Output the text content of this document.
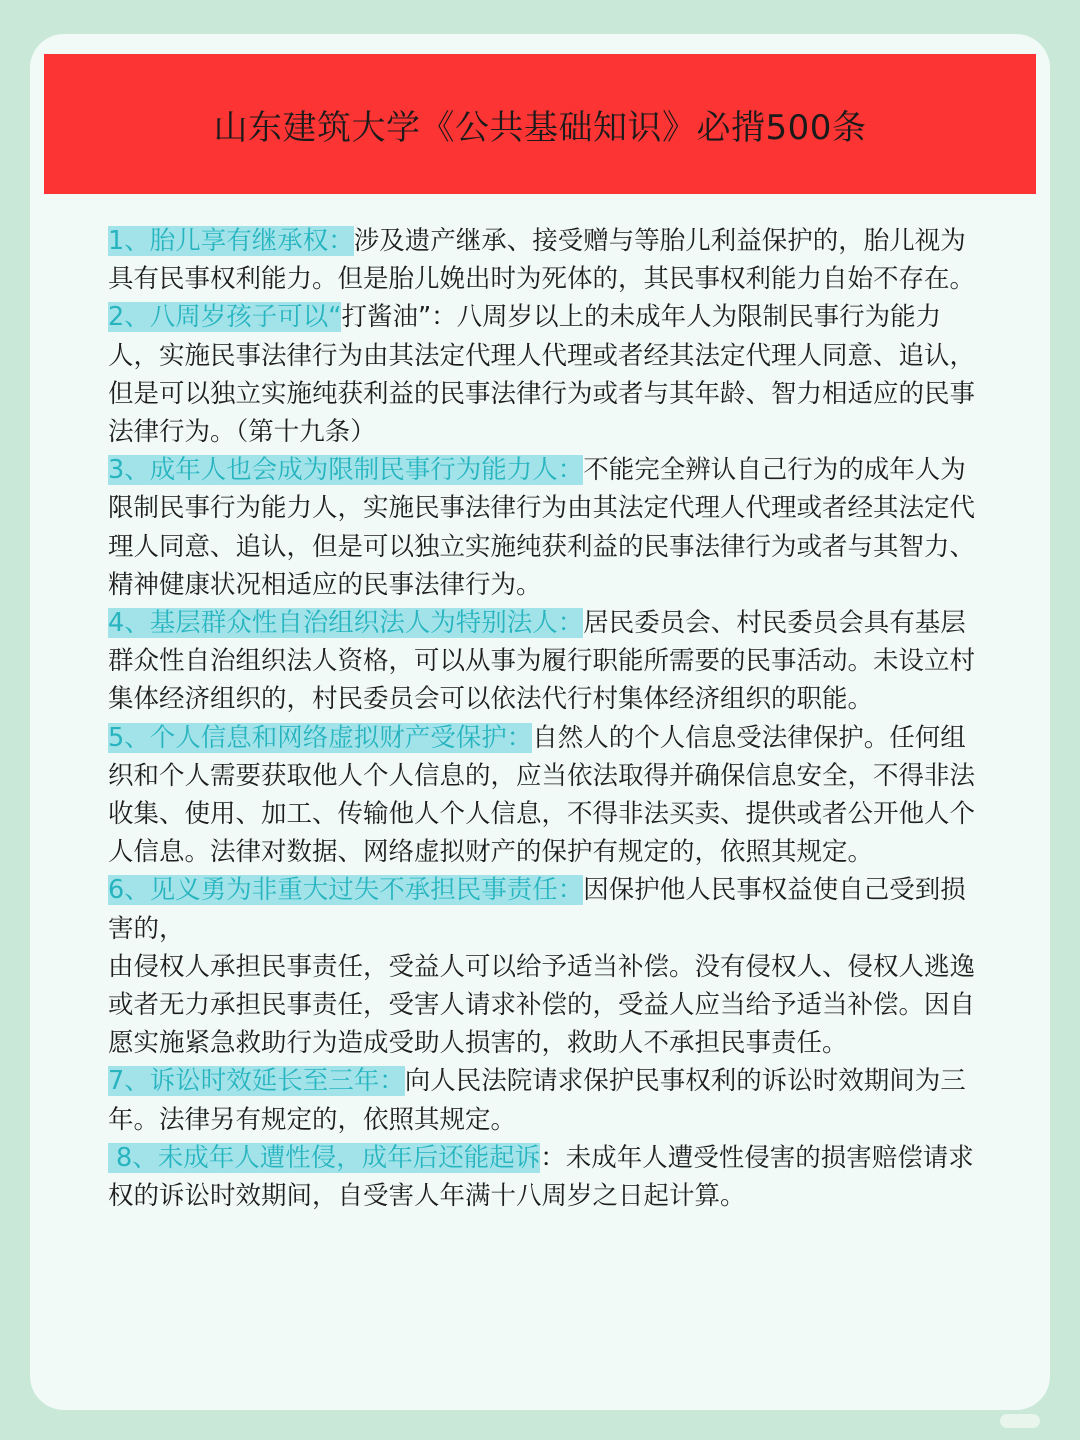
山东建筑大学《公共基础知识》必揹500条

1、胎儿享有继承权：涉及遗产继承、接受赠与等胎儿利益保护的，胎儿视为具有民事权利能力。但是胎儿娩出时为死体的，其民事权利能力自始不存在。

2、八周岁孩子可以“打酱油”：八周岁以上的未成年人为限制民事行为能力人，实施民事法律行为由其法定代理人代理或者经其法定代理人同意、追认，但是可以独立实施纯获利益的民事法律行为或者与其年龄、智力相适应的民事法律行为。（第十九条）

3、成年人也会成为限制民事行为能力人：不能完全辨认自己行为的成年人为限制民事行为能力人，实施民事法律行为由其法定代理人代理或者经其法定代理人同意、追认，但是可以独立实施纯获利益的民事法律行为或者与其智力、精神健康状况相适应的民事法律行为。

4、基层群众性自治组织法人为特别法人：居民委员会、村民委员会具有基层群众性自治组织法人资格，可以从事为履行职能所需要的民事活动。未设立村集体经济组织的，村民委员会可以依法代行村集体经济组织的职能。

5、个人信息和网络虚拟财产受保护：自然人的个人信息受法律保护。任何组织和个人需要获取他人个人信息的，应当依法取得并确保信息安全，不得非法收集、使用、加工、传输他人个人信息，不得非法买卖、提供或者公开他人个人信息。法律对数据、网络虚拟财产的保护有规定的，依照其规定。

6、见义勇为非重大过失不承担民事责任：因保护他人民事权益使自己受到损害的，
由侵权人承担民事责任，受益人可以给予适当补偿。没有侵权人、侵权人逃逸或者无力承担民事责任，受害人请求补偿的，受益人应当给予适当补偿。因自愿实施紧急救助行为造成受助人损害的，救助人不承担民事责任。

7、诉讼时效延长至三年：向人民法院请求保护民事权利的诉讼时效期间为三年。法律另有规定的，依照其规定。

8、未成年人遭性侵，成年后还能起诉：未成年人遭受性侵害的损害赔偿请求权的诉讼时效期间，自受害人年满十八周岁之日起计算。
